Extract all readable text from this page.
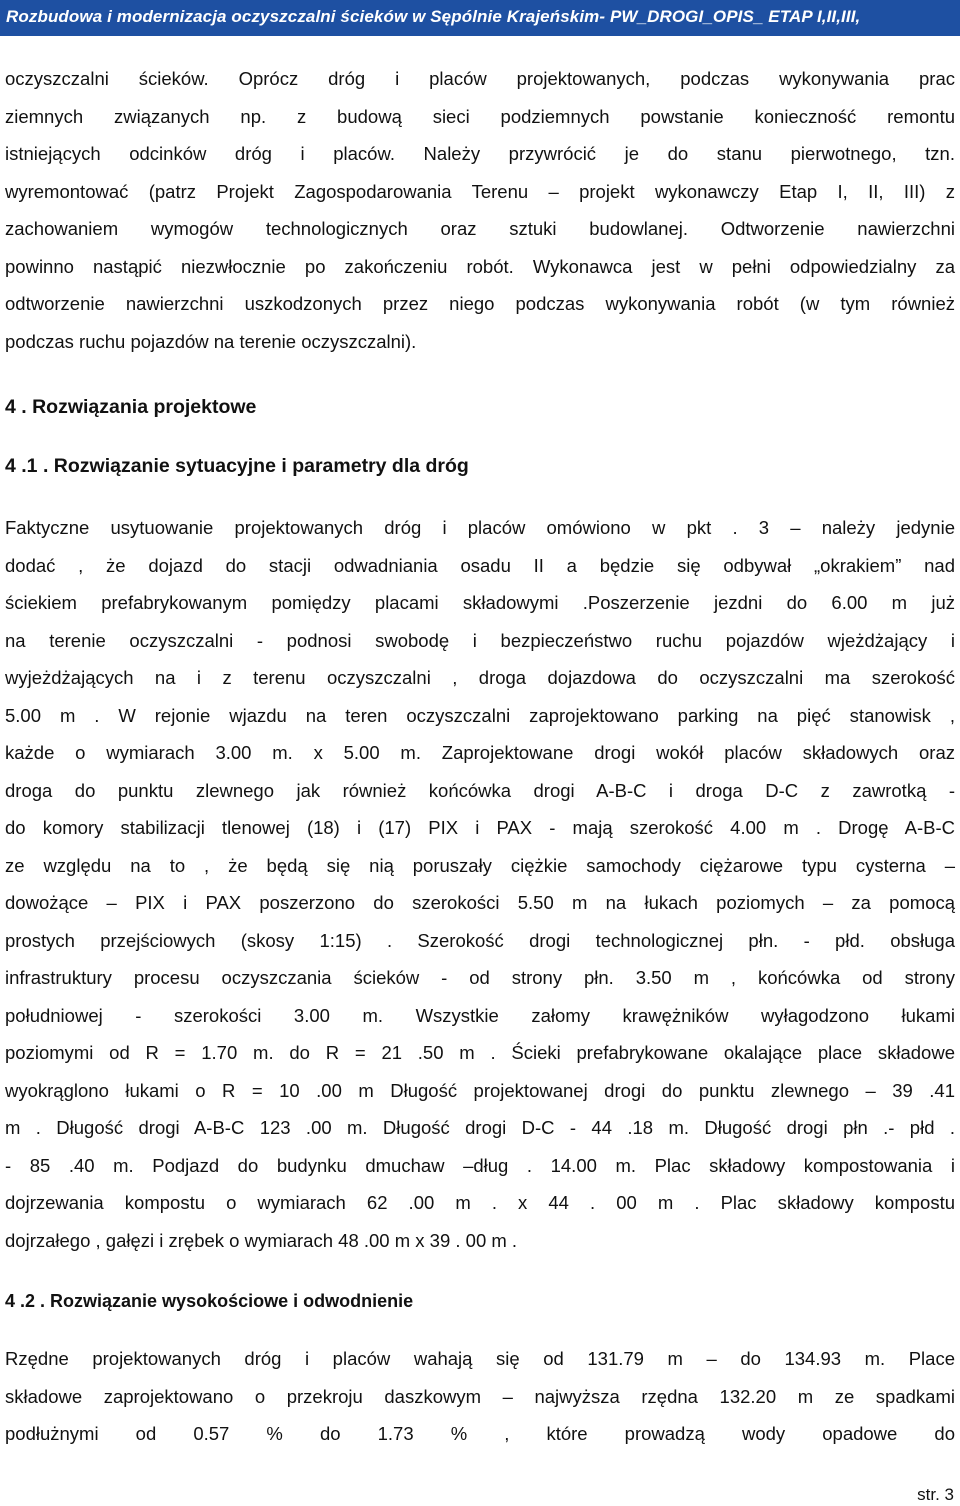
Rozbudowa i modernizacja oczyszczalni ścieków w Sępólnie Krajeńskim- PW_DROGI_OPIS_ ETAP I,II,III,
oczyszczalni ścieków. Oprócz dróg i placów projektowanych, podczas wykonywania prac
ziemnych związanych np. z budową sieci podziemnych powstanie konieczność remontu
istniejących odcinków dróg i placów. Należy przywrócić je do stanu pierwotnego, tzn.
wyremontować (patrz Projekt Zagospodarowania Terenu – projekt wykonawczy Etap I, II, III) z
zachowaniem wymogów technologicznych oraz sztuki budowlanej. Odtworzenie nawierzchni
powinno nastąpić niezwłocznie po zakończeniu robót. Wykonawca jest w pełni odpowiedzialny za
odtworzenie nawierzchni uszkodzonych przez niego podczas wykonywania robót (w tym również
podczas ruchu pojazdów na terenie oczyszczalni).
4 . Rozwiązania projektowe
4 .1 . Rozwiązanie sytuacyjne i parametry dla dróg
Faktyczne usytuowanie projektowanych dróg i placów omówiono w pkt . 3 – należy jedynie
dodać , że dojazd do stacji odwadniania osadu II a będzie się odbywał „okrakiem” nad
ściekiem prefabrykowanym pomiędzy placami składowymi .Poszerzenie jezdni do 6.00 m już
na terenie oczyszczalni - podnosi swobodę i bezpieczeństwo ruchu pojazdów wjeżdżający i
wyjeżdżających na i z terenu oczyszczalni , droga dojazdowa do oczyszczalni ma szerokość
5.00 m . W rejonie wjazdu na teren oczyszczalni zaprojektowano parking na pięć stanowisk ,
każde o wymiarach 3.00 m. x 5.00 m. Zaprojektowane drogi wokół placów składowych oraz
droga do punktu zlewnego jak również końcówka drogi A-B-C i droga D-C z zawrotką -
do komory stabilizacji tlenowej (18) i (17) PIX i PAX - mają szerokość 4.00 m . Drogę A-B-C
ze względu na to , że będą się nią poruszały ciężkie samochody ciężarowe typu cysterna –
dowożące – PIX i PAX poszerzono do szerokości 5.50 m na łukach poziomych – za pomocą
prostych przejściowych (skosy 1:15) . Szerokość drogi technologicznej płn. - płd. obsługa
infrastruktury procesu oczyszczania ścieków - od strony płn. 3.50 m , końcówka od strony
południowej - szerokości 3.00 m. Wszystkie załomy krawężników wyłagodzono łukami
poziomymi od R = 1.70 m. do R = 21 .50 m . Ścieki prefabrykowane okalające place składowe
wyokrąglono łukami o R = 10 .00 m Długość projektowanej drogi do punktu zlewnego – 39 .41
m . Długość drogi A-B-C 123 .00 m. Długość drogi D-C - 44 .18 m. Długość drogi płn .- płd .
- 85 .40 m. Podjazd do budynku dmuchaw –dług . 14.00 m. Plac składowy kompostowania i
dojrzewania kompostu o wymiarach 62 .00 m . x 44 . 00 m . Plac składowy kompostu
dojrzałego , gałęzi i zrębek o wymiarach 48 .00 m x 39 . 00 m .
4 .2 . Rozwiązanie wysokościowe i odwodnienie
Rzędne projektowanych dróg i placów wahają się od 131.79 m – do 134.93 m. Place
składowe zaprojektowano o przekroju daszkowym – najwyższa rzędna 132.20 m ze spadkami
podłużnymi od 0.57 % do 1.73 % , które prowadzą wody opadowe do
str. 3
